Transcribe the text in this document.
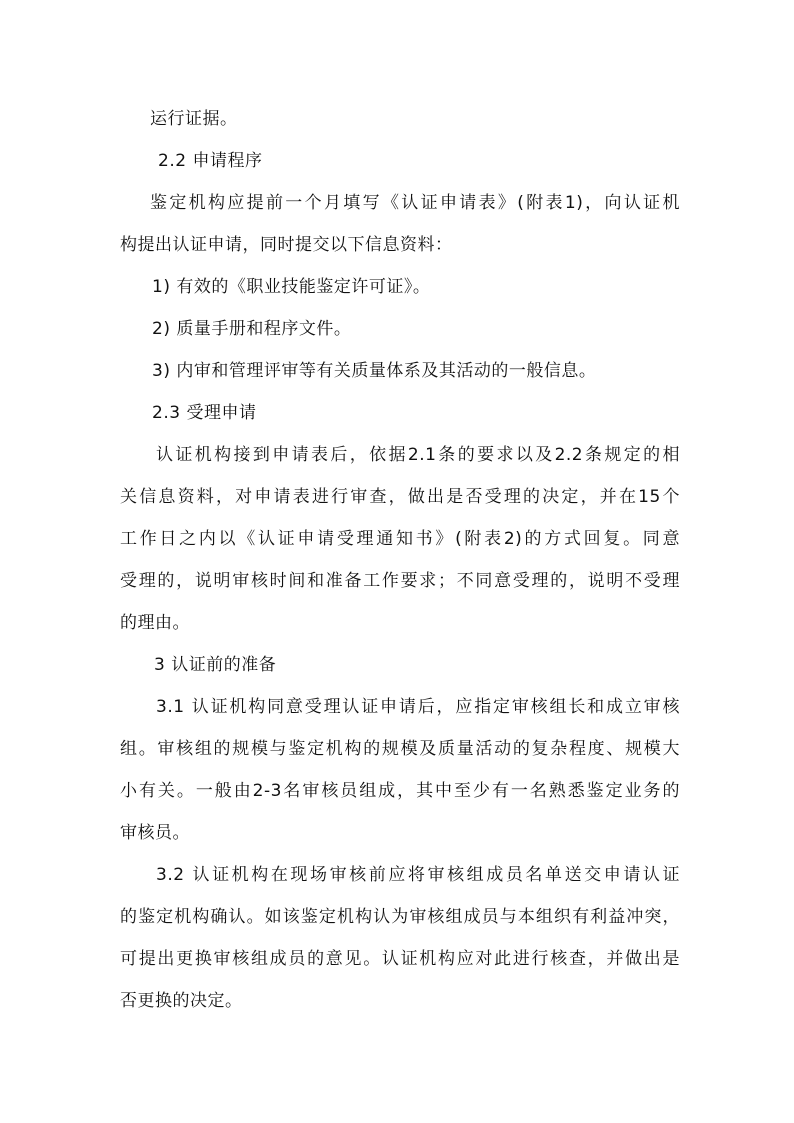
运行证据。

2.2 申请程序

鉴定机构应提前一个月填写《认证申请表》(附表1)，向认证机
构提出认证申请，同时提交以下信息资料：

1) 有效的《职业技能鉴定许可证》。

2) 质量手册和程序文件。

3) 内审和管理评审等有关质量体系及其活动的一般信息。

2.3 受理申请

认证机构接到申请表后，依据2.1条的要求以及2.2条规定的相
关信息资料，对申请表进行审查，做出是否受理的决定，并在15个
工作日之内以《认证申请受理通知书》(附表2)的方式回复。同意
受理的，说明审核时间和准备工作要求；不同意受理的，说明不受理
的理由。

3 认证前的准备

3.1 认证机构同意受理认证申请后，应指定审核组长和成立审核
组。审核组的规模与鉴定机构的规模及质量活动的复杂程度、规模大
小有关。一般由2-3名审核员组成，其中至少有一名熟悉鉴定业务的
审核员。
3.2 认证机构在现场审核前应将审核组成员名单送交申请认证
的鉴定机构确认。如该鉴定机构认为审核组成员与本组织有利益冲突，
可提出更换审核组成员的意见。认证机构应对此进行核查，并做出是
否更换的决定。
